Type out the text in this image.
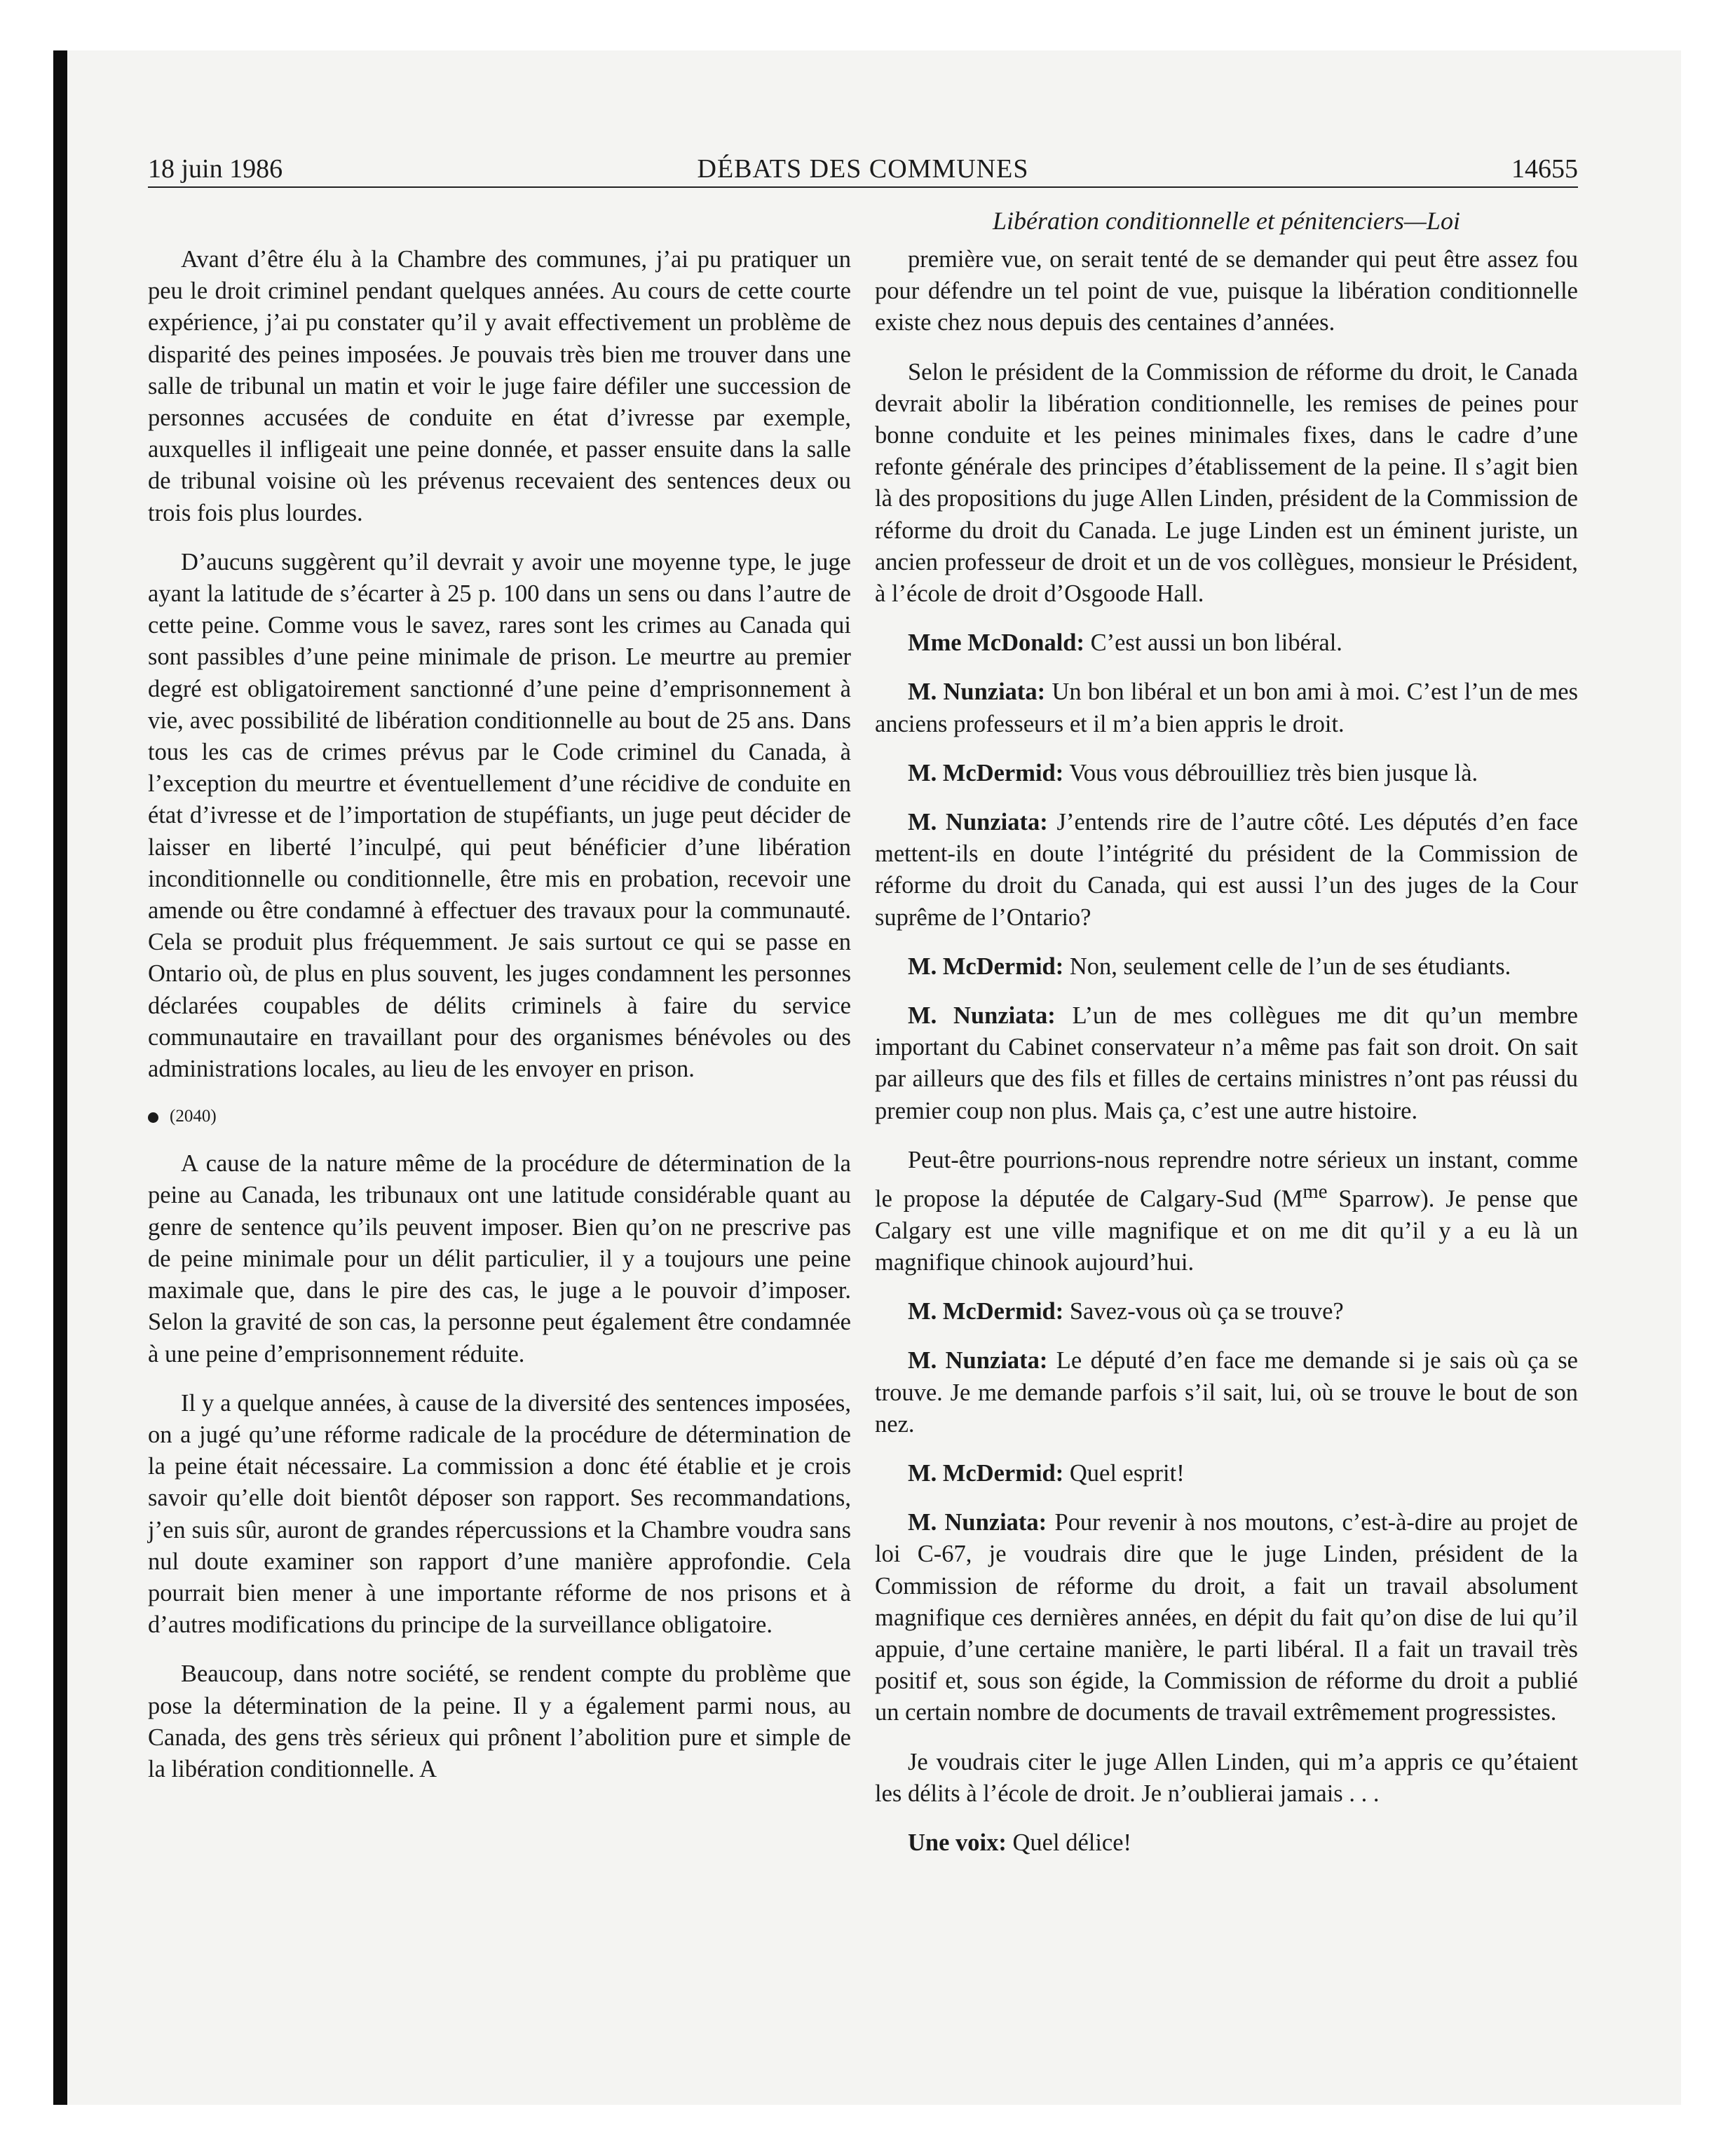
18 juin 1986	DÉBATS DES COMMUNES	14655
Libération conditionnelle et pénitenciers—Loi

Avant d’être élu à la Chambre des communes, j’ai pu pratiquer un peu le droit criminel pendant quelques années. Au cours de cette courte expérience, j’ai pu constater qu’il y avait effectivement un problème de disparité des peines imposées. Je pouvais très bien me trouver dans une salle de tribunal un matin et voir le juge faire défiler une succession de personnes accusées de conduite en état d’ivresse par exemple, auxquelles il infligeait une peine donnée, et passer ensuite dans la salle de tribunal voisine où les prévenus recevaient des sentences deux ou trois fois plus lourdes.

D’aucuns suggèrent qu’il devrait y avoir une moyenne type, le juge ayant la latitude de s’écarter à 25 p. 100 dans un sens ou dans l’autre de cette peine. Comme vous le savez, rares sont les crimes au Canada qui sont passibles d’une peine minimale de prison. Le meurtre au premier degré est obligatoirement sanctionné d’une peine d’emprisonnement à vie, avec possibilité de libération conditionnelle au bout de 25 ans. Dans tous les cas de crimes prévus par le Code criminel du Canada, à l’exception du meurtre et éventuellement d’une récidive de conduite en état d’ivresse et de l’importation de stupéfiants, un juge peut décider de laisser en liberté l’inculpé, qui peut bénéficier d’une libération inconditionnelle ou conditionnelle, être mis en probation, recevoir une amende ou être condamné à effectuer des travaux pour la communauté. Cela se produit plus fréquemment. Je sais surtout ce qui se passe en Ontario où, de plus en plus souvent, les juges condamnent les personnes déclarées coupables de délits criminels à faire du service communautaire en travaillant pour des organismes bénévoles ou des administrations locales, au lieu de les envoyer en prison.

(2040)

A cause de la nature même de la procédure de détermination de la peine au Canada, les tribunaux ont une latitude considérable quant au genre de sentence qu’ils peuvent imposer. Bien qu’on ne prescrive pas de peine minimale pour un délit particulier, il y a toujours une peine maximale que, dans le pire des cas, le juge a le pouvoir d’imposer. Selon la gravité de son cas, la personne peut également être condamnée à une peine d’emprisonnement réduite.

Il y a quelque années, à cause de la diversité des sentences imposées, on a jugé qu’une réforme radicale de la procédure de détermination de la peine était nécessaire. La commission a donc été établie et je crois savoir qu’elle doit bientôt déposer son rapport. Ses recommandations, j’en suis sûr, auront de grandes répercussions et la Chambre voudra sans nul doute examiner son rapport d’une manière approfondie. Cela pourrait bien mener à une importante réforme de nos prisons et à d’autres modifications du principe de la surveillance obligatoire.

Beaucoup, dans notre société, se rendent compte du problème que pose la détermination de la peine. Il y a également parmi nous, au Canada, des gens très sérieux qui prônent l’abolition pure et simple de la libération conditionnelle. A

première vue, on serait tenté de se demander qui peut être assez fou pour défendre un tel point de vue, puisque la libération conditionnelle existe chez nous depuis des centaines d’années.

Selon le président de la Commission de réforme du droit, le Canada devrait abolir la libération conditionnelle, les remises de peines pour bonne conduite et les peines minimales fixes, dans le cadre d’une refonte générale des principes d’établissement de la peine. Il s’agit bien là des propositions du juge Allen Linden, président de la Commission de réforme du droit du Canada. Le juge Linden est un éminent juriste, un ancien professeur de droit et un de vos collègues, monsieur le Président, à l’école de droit d’Osgoode Hall.

Mme McDonald: C’est aussi un bon libéral.

M. Nunziata: Un bon libéral et un bon ami à moi. C’est l’un de mes anciens professeurs et il m’a bien appris le droit.

M. McDermid: Vous vous débrouilliez très bien jusque là.

M. Nunziata: J’entends rire de l’autre côté. Les députés d’en face mettent-ils en doute l’intégrité du président de la Commission de réforme du droit du Canada, qui est aussi l’un des juges de la Cour suprême de l’Ontario?

M. McDermid: Non, seulement celle de l’un de ses étudiants.

M. Nunziata: L’un de mes collègues me dit qu’un membre important du Cabinet conservateur n’a même pas fait son droit. On sait par ailleurs que des fils et filles de certains ministres n’ont pas réussi du premier coup non plus. Mais ça, c’est une autre histoire.

Peut-être pourrions-nous reprendre notre sérieux un instant, comme le propose la députée de Calgary-Sud ($M^{me}$ Sparrow). Je pense que Calgary est une ville magnifique et on me dit qu’il y a eu là un magnifique chinook aujourd’hui.

M. McDermid: Savez-vous où ça se trouve?

M. Nunziata: Le député d’en face me demande si je sais où ça se trouve. Je me demande parfois s’il sait, lui, où se trouve le bout de son nez.

M. McDermid: Quel esprit!

M. Nunziata: Pour revenir à nos moutons, c’est-à-dire au projet de loi C-67, je voudrais dire que le juge Linden, président de la Commission de réforme du droit, a fait un travail absolument magnifique ces dernières années, en dépit du fait qu’on dise de lui qu’il appuie, d’une certaine manière, le parti libéral. Il a fait un travail très positif et, sous son égide, la Commission de réforme du droit a publié un certain nombre de documents de travail extrêmement progressistes.

Je voudrais citer le juge Allen Linden, qui m’a appris ce qu’étaient les délits à l’école de droit. Je n’oublierai jamais . . .

Une voix: Quel délice!
